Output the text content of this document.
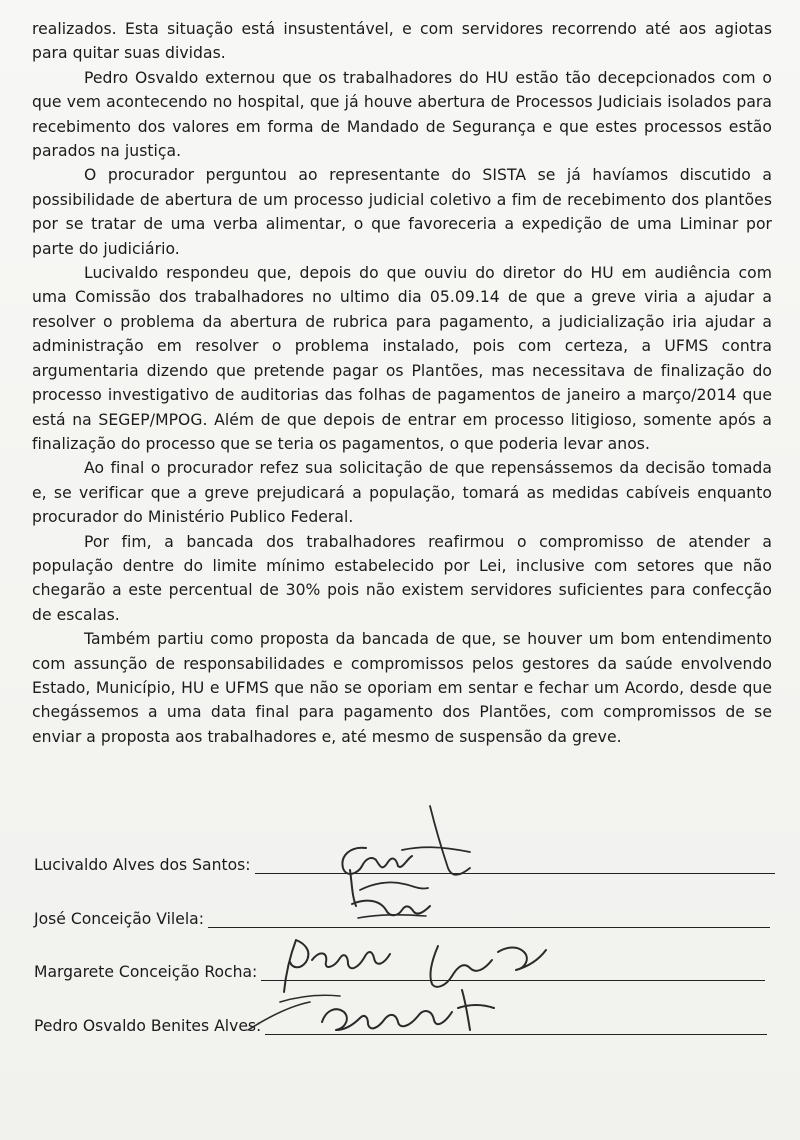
realizados. Esta situação está insustentável, e com servidores recorrendo até aos agiotas para quitar suas dividas.

Pedro Osvaldo externou que os trabalhadores do HU estão tão decepcionados com o que vem acontecendo no hospital, que já houve abertura de Processos Judiciais isolados para recebimento dos valores em forma de Mandado de Segurança e que estes processos estão parados na justiça.

O procurador perguntou ao representante do SISTA se já havíamos discutido a possibilidade de abertura de um processo judicial coletivo a fim de recebimento dos plantões por se tratar de uma verba alimentar, o que favoreceria a expedição de uma Liminar por parte do judiciário.

Lucivaldo respondeu que, depois do que ouviu do diretor do HU em audiência com uma Comissão dos trabalhadores no ultimo dia 05.09.14 de que a greve viria a ajudar a resolver o problema da abertura de rubrica para pagamento, a judicialização iria ajudar a administração em resolver o problema instalado, pois com certeza, a UFMS contra argumentaria dizendo que pretende pagar os Plantões, mas necessitava de finalização do processo investigativo de auditorias das folhas de pagamentos de janeiro a março/2014 que está na SEGEP/MPOG. Além de que depois de entrar em processo litigioso, somente após a finalização do processo que se teria os pagamentos, o que poderia levar anos.

Ao final o procurador refez sua solicitação de que repensássemos da decisão tomada e, se verificar que a greve prejudicará a população, tomará as medidas cabíveis enquanto procurador do Ministério Publico Federal.

Por fim, a bancada dos trabalhadores reafirmou o compromisso de atender a população dentre do limite mínimo estabelecido por Lei, inclusive com setores que não chegarão a este percentual de 30% pois não existem servidores suficientes para confecção de escalas.

Também partiu como proposta da bancada de que, se houver um bom entendimento com assunção de responsabilidades e compromissos pelos gestores da saúde envolvendo Estado, Município, HU e UFMS que não se oporiam em sentar e fechar um Acordo, desde que chegássemos a uma data final para pagamento dos Plantões, com compromissos de se enviar a proposta aos trabalhadores e, até mesmo de suspensão da greve.

Lucivaldo Alves dos Santos:
José Conceição Vilela:
Margarete Conceição Rocha:
Pedro Osvaldo Benites Alves:
